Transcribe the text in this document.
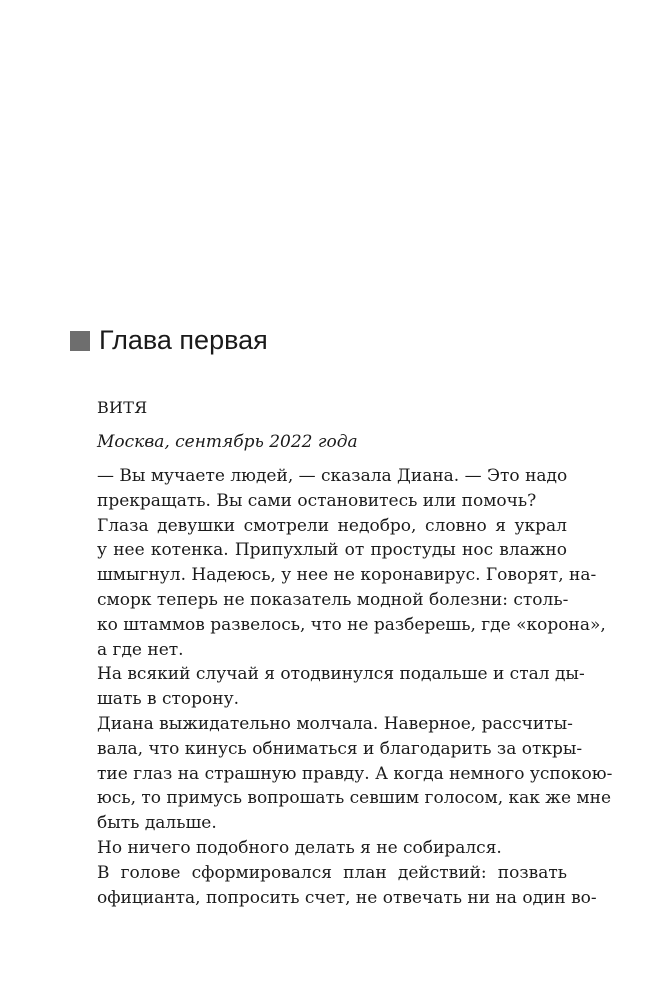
Глава первая
ВИТЯ
Москва, сентябрь 2022 года

— Вы мучаете людей, — сказала Диана. — Это надо
прекращать. Вы сами остановитесь или помочь?

Глаза девушки смотрели недобро, словно я украл
у нее котенка. Припухлый от простуды нос влажно
шмыгнул. Надеюсь, у нее не коронавирус. Говорят, на-
сморк теперь не показатель модной болезни: столь-
ко штаммов развелось, что не разберешь, где «корона»,
а где нет.

На всякий случай я отодвинулся подальше и стал ды-
шать в сторону.

Диана выжидательно молчала. Наверное, рассчиты-
вала, что кинусь обниматься и благодарить за откры-
тие глаз на страшную правду. А когда немного успокою-
юсь, то примусь вопрошать севшим голосом, как же мне
быть дальше.

Но ничего подобного делать я не собирался.

В голове сформировался план действий: позвать
официанта, попросить счет, не отвечать ни на один во-
